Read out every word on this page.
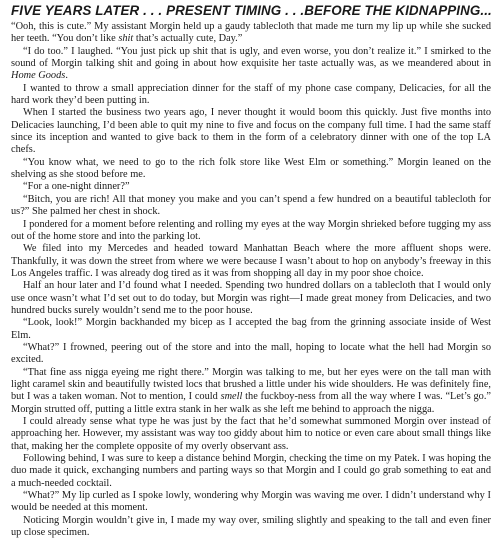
FIVE YEARS LATER . . . PRESENT TIMING . . .BEFORE THE KIDNAPPING...

“Ooh, this is cute.” My assistant Morgin held up a gaudy tablecloth that made me turn my lip up while she sucked her teeth. “You don’t like shit that’s actually cute, Day.”

“I do too.” I laughed. “You just pick up shit that is ugly, and even worse, you don’t realize it.” I smirked to the sound of Morgin talking shit and going in about how exquisite her taste actually was, as we meandered about in Home Goods.

I wanted to throw a small appreciation dinner for the staff of my phone case company, Delicacies, for all the hard work they’d been putting in.

When I started the business two years ago, I never thought it would boom this quickly. Just five months into Delicacies launching, I’d been able to quit my nine to five and focus on the company full time. I had the same staff since its inception and wanted to give back to them in the form of a celebratory dinner with one of the top LA chefs.

“You know what, we need to go to the rich folk store like West Elm or something.” Morgin leaned on the shelving as she stood before me.

“For a one-night dinner?”

“Bitch, you are rich! All that money you make and you can’t spend a few hundred on a beautiful tablecloth for us?” She palmed her chest in shock.

I pondered for a moment before relenting and rolling my eyes at the way Morgin shrieked before tugging my ass out of the home store and into the parking lot.

We filed into my Mercedes and headed toward Manhattan Beach where the more affluent shops were. Thankfully, it was down the street from where we were because I wasn’t about to hop on anybody’s freeway in this Los Angeles traffic. I was already dog tired as it was from shopping all day in my poor shoe choice.

Half an hour later and I’d found what I needed. Spending two hundred dollars on a tablecloth that I would only use once wasn’t what I’d set out to do today, but Morgin was right—I made great money from Delicacies, and two hundred bucks surely wouldn’t send me to the poor house.

“Look, look!” Morgin backhanded my bicep as I accepted the bag from the grinning associate inside of West Elm.

“What?” I frowned, peering out of the store and into the mall, hoping to locate what the hell had Morgin so excited.

“That fine ass nigga eyeing me right there.” Morgin was talking to me, but her eyes were on the tall man with light caramel skin and beautifully twisted locs that brushed a little under his wide shoulders. He was definitely fine, but I was a taken woman. Not to mention, I could smell the fuckboy-ness from all the way where I was. “Let’s go.” Morgin strutted off, putting a little extra stank in her walk as she left me behind to approach the nigga.

I could already sense what type he was just by the fact that he’d somewhat summoned Morgin over instead of approaching her. However, my assistant was way too giddy about him to notice or even care about small things like that, making her the complete opposite of my overly observant ass.

Following behind, I was sure to keep a distance behind Morgin, checking the time on my Patek. I was hoping the duo made it quick, exchanging numbers and parting ways so that Morgin and I could go grab something to eat and a much-needed cocktail.

“What?” My lip curled as I spoke lowly, wondering why Morgin was waving me over. I didn’t understand why I would be needed at this moment.

Noticing Morgin wouldn’t give in, I made my way over, smiling slightly and speaking to the tall and even finer up close specimen.
